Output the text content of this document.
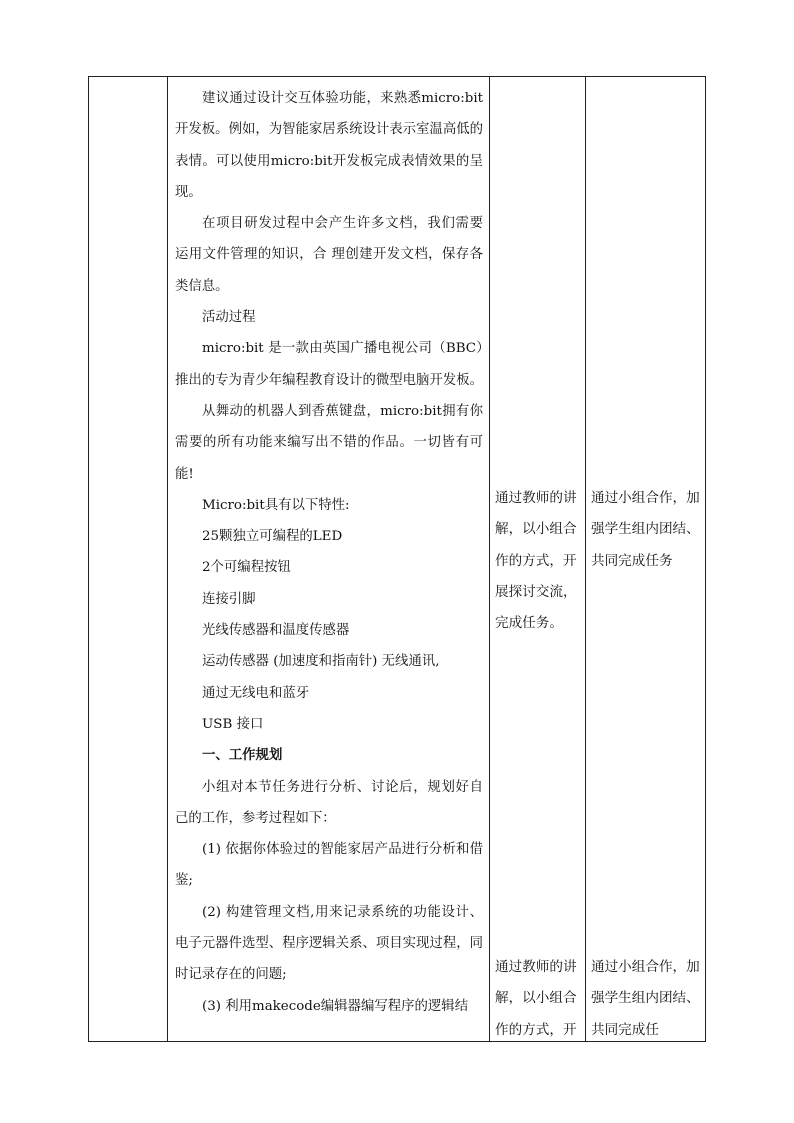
建议通过设计交互体验功能，来熟悉micro:bit开发板。例如，为智能家居系统设计表示室温高低的表情。可以使用micro:bit开发板完成表情效果的呈现。

在项目研发过程中会产生许多文档，我们需要运用文件管理的知识，合 理创建开发文档，保存各类信息。

活动过程

micro:bit 是一款由英国广播电视公司（BBC）推出的专为青少年编程教育设计的微型电脑开发板。

从舞动的机器人到香蕉键盘，micro:bit拥有你需要的所有功能来编写出不错的作品。一切皆有可能!

Micro:bit具有以下特性:

25颗独立可编程的LED

2个可编程按钮

连接引脚

光线传感器和温度传感器

运动传感器 (加速度和指南针) 无线通讯,

通过无线电和蓝牙

USB 接口

一、工作规划

小组对本节任务进行分析、讨论后，规划好自己的工作，参考过程如下：

(1) 依据你体验过的智能家居产品进行分析和借鉴;

(2) 构建管理文档,用来记录系统的功能设计、电子元器件选型、程序逻辑关系、项目实现过程，同时记录存在的问题;

(3) 利用makecode编辑器编写程序的逻辑结

通过教师的讲解，以小组合作的方式，开展探讨交流，完成任务。

通过教师的讲解，以小组合作的方式，开

通过小组合作，加强学生组内团结、共同完成任务

通过小组合作，加强学生组内团结、共同完成任
